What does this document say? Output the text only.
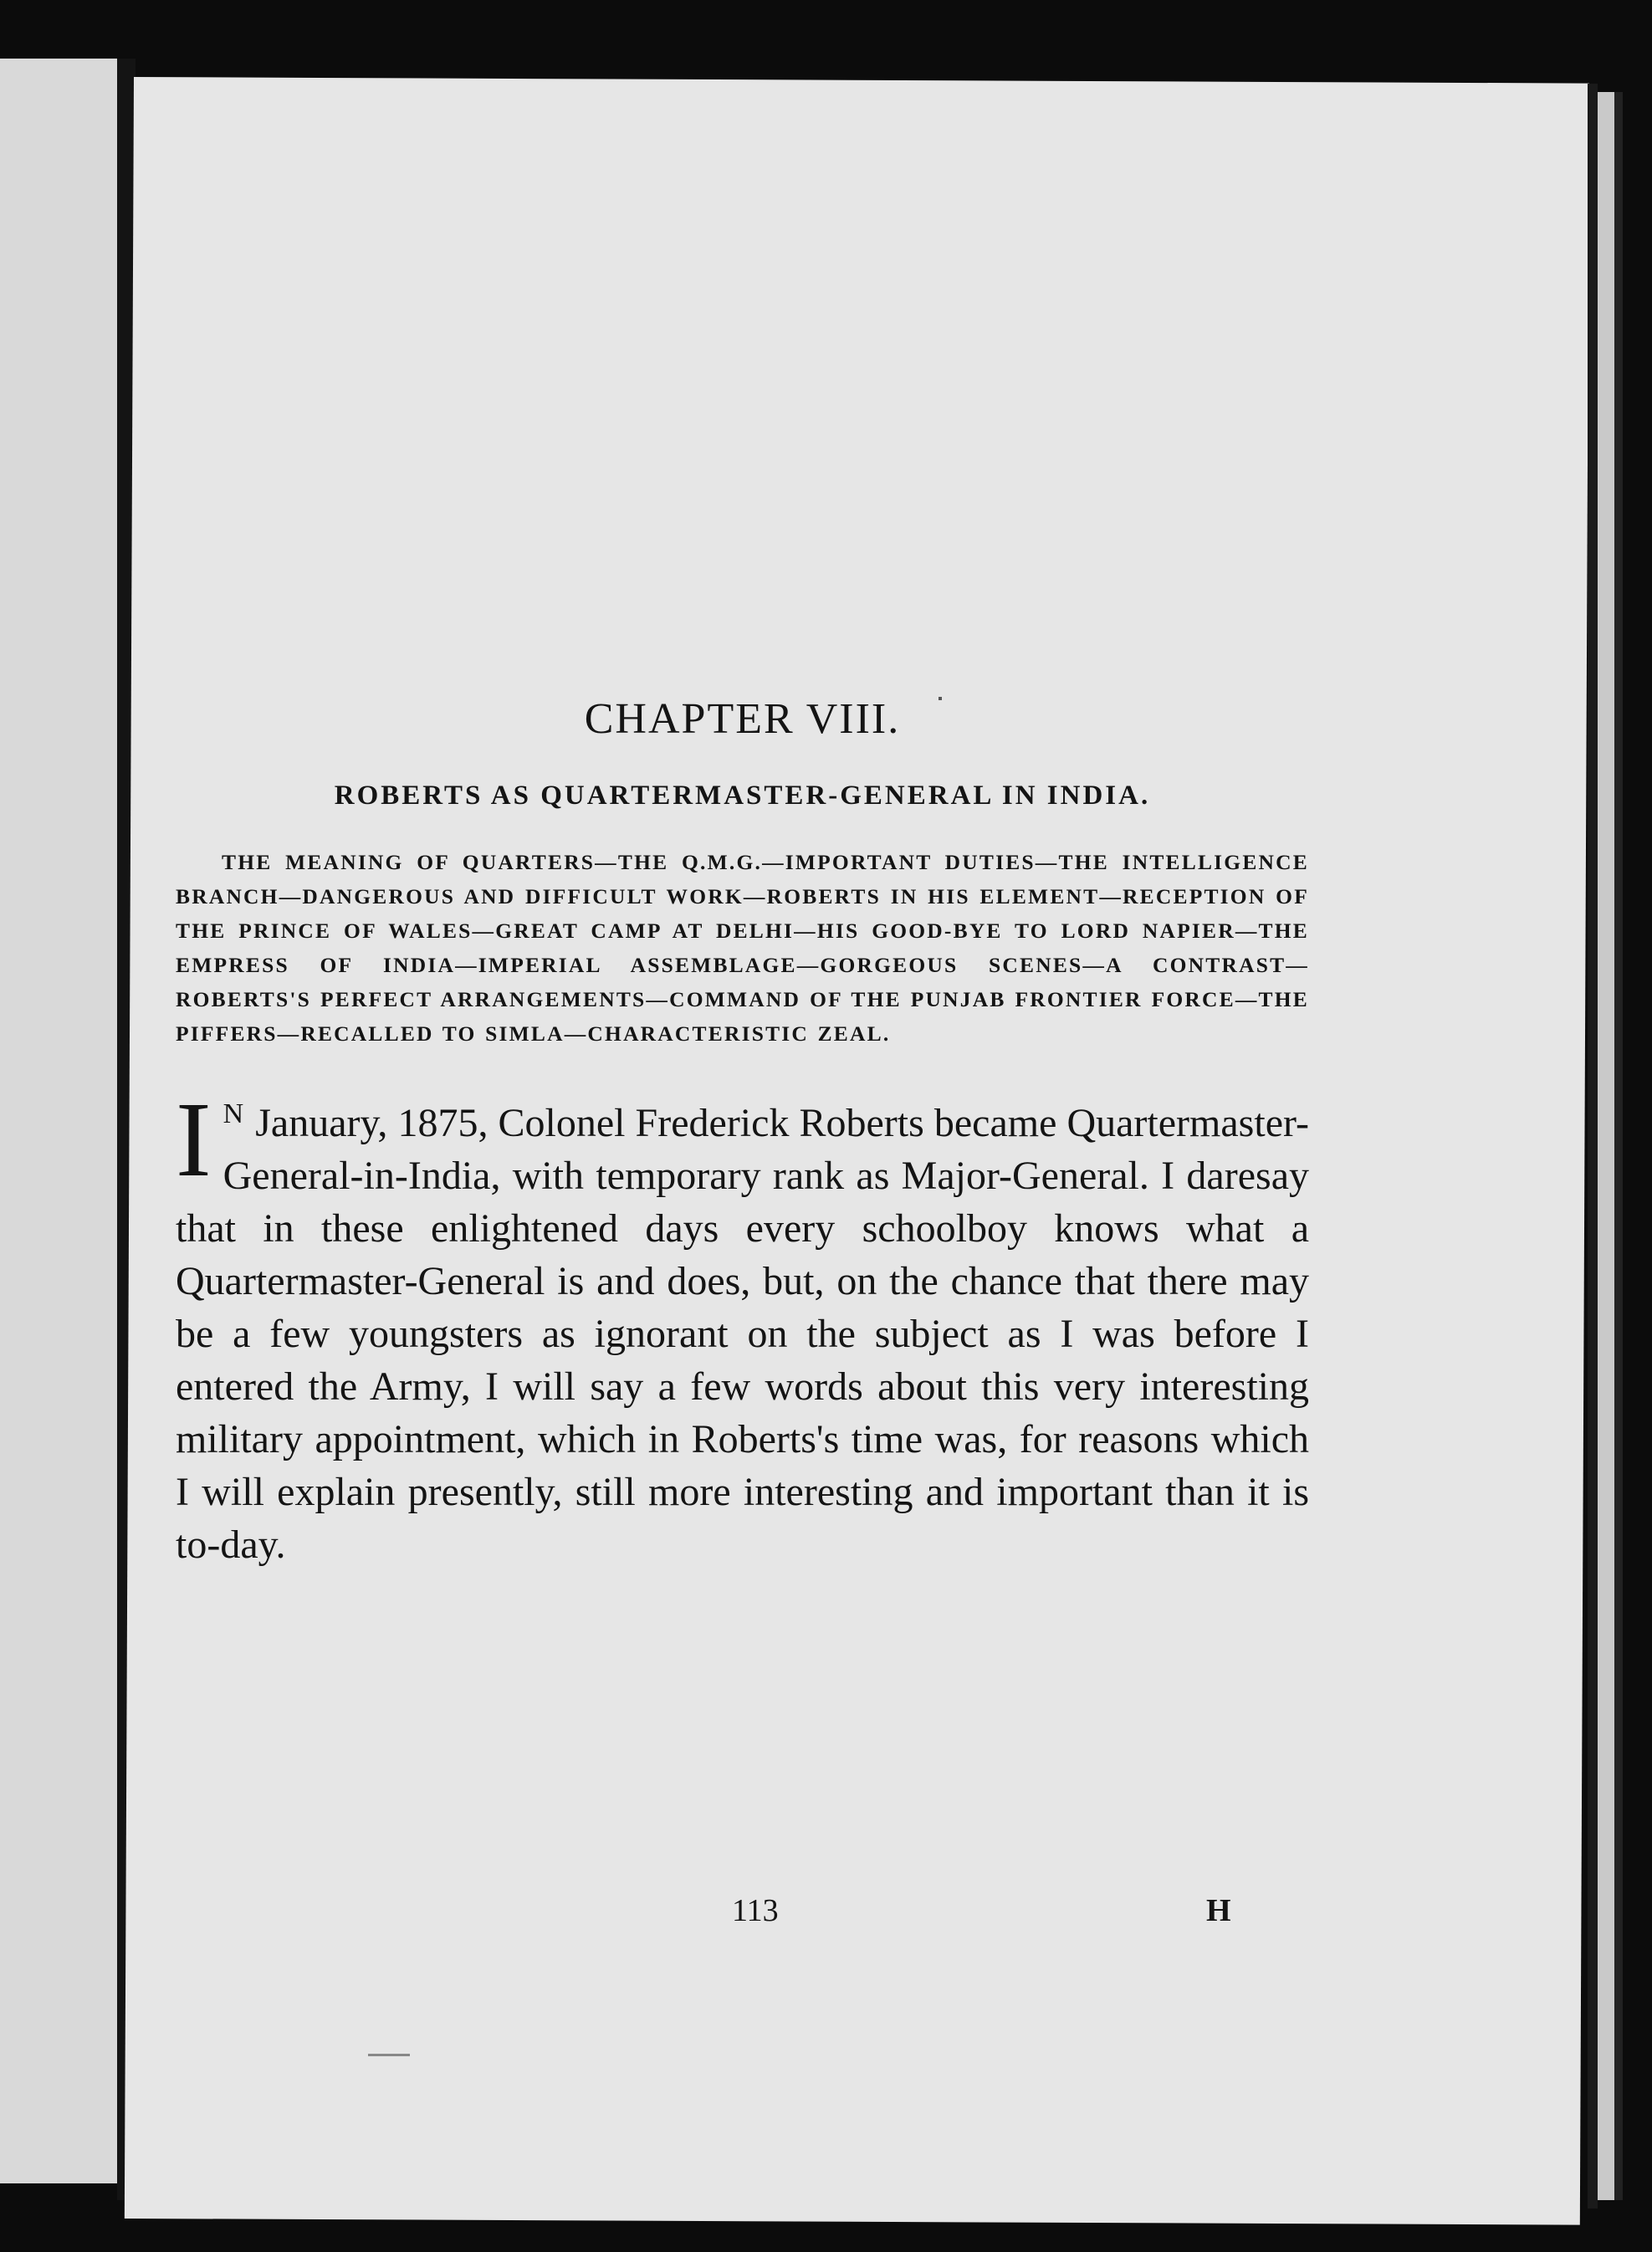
CHAPTER VIII.
ROBERTS AS QUARTERMASTER-GENERAL IN INDIA.

THE MEANING OF QUARTERS—THE Q.M.G.—IMPORTANT DUTIES—THE INTELLIGENCE BRANCH—DANGEROUS AND DIFFICULT WORK—ROBERTS IN HIS ELEMENT—RECEPTION OF THE PRINCE OF WALES—GREAT CAMP AT DELHI—HIS GOOD-BYE TO LORD NAPIER—THE EMPRESS OF INDIA—IMPERIAL ASSEMBLAGE—GORGEOUS SCENES—A CONTRAST—ROBERTS'S PERFECT ARRANGEMENTS—COMMAND OF THE PUNJAB FRONTIER FORCE—THE PIFFERS—RECALLED TO SIMLA—CHARACTERISTIC ZEAL.

I $^N$ January, 1875, Colonel Frederick Roberts became Quartermaster-General-in-India, with temporary rank as Major-General. I daresay that in these enlightened days every schoolboy knows what a Quartermaster-General is and does, but, on the chance that there may be a few youngsters as ignorant on the subject as I was before I entered the Army, I will say a few words about this very interesting military appointment, which in Roberts's time was, for reasons which I will explain presently, still more interesting and important than it is to-day.

113	H
